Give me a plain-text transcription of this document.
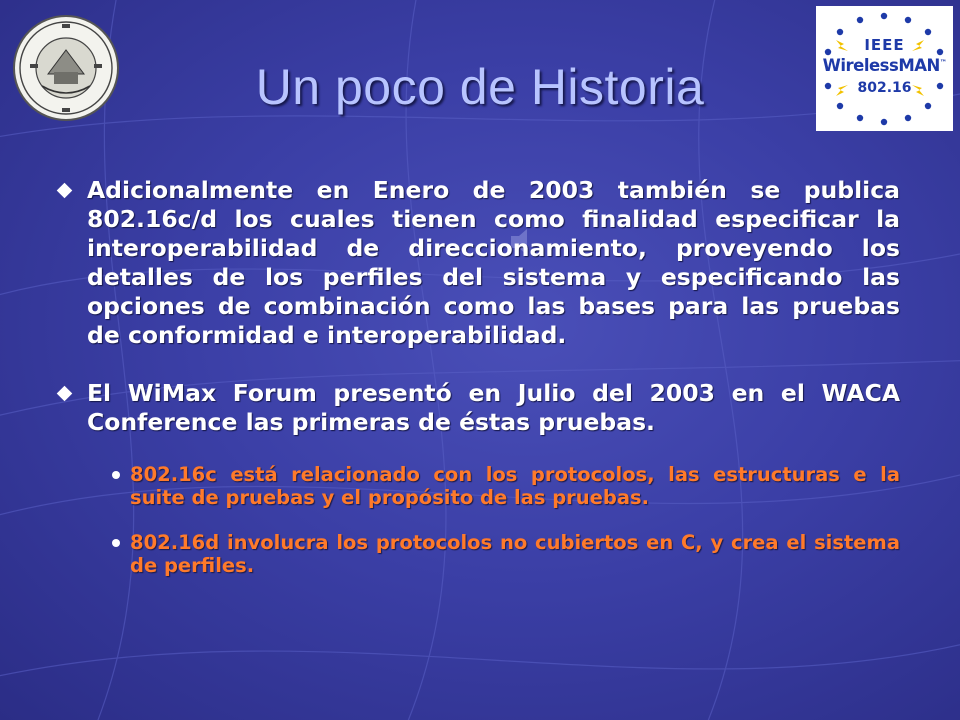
IEEE
WirelessMAN™
802.16
Un poco de Historia

Adicionalmente en Enero de 2003 también se publica 802.16c/d los cuales tienen como finalidad especificar la interoperabilidad de direccionamiento, proveyendo los detalles de los perfiles del sistema y especificando las opciones de combinación como las bases para las pruebas de conformidad e interoperabilidad.

El WiMax Forum presentó en Julio del 2003 en el WACA Conference las primeras de éstas pruebas.

802.16c está relacionado con los protocolos, las estructuras e la suite de pruebas y el propósito de las pruebas.

802.16d involucra los protocolos no cubiertos en C, y crea el sistema de perfiles.
